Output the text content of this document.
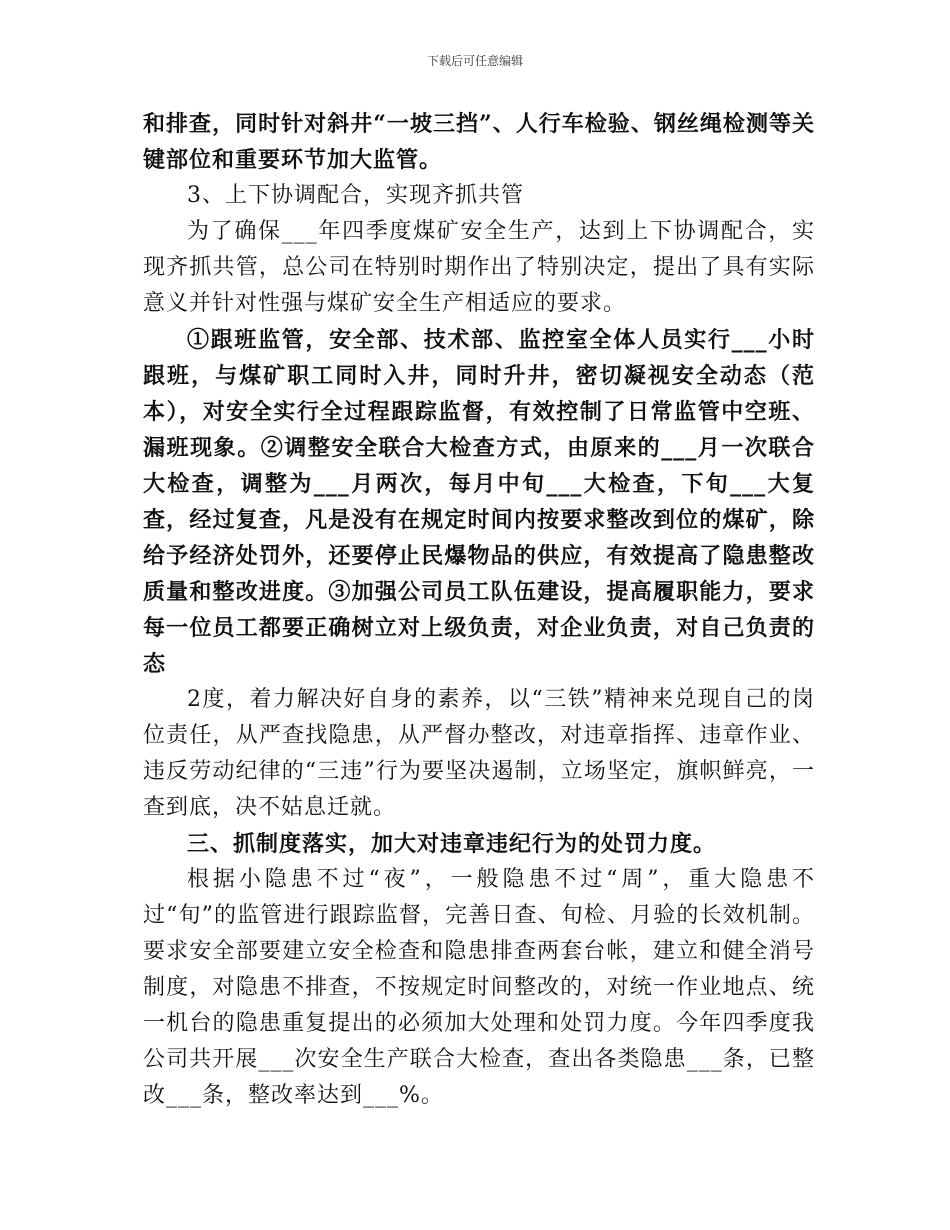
下载后可任意编辑

和排查，同时针对斜井“一坡三挡”、人行车检验、钢丝绳检测等关键部位和重要环节加大监管。

3、上下协调配合，实现齐抓共管

为了确保___年四季度煤矿安全生产，达到上下协调配合，实现齐抓共管，总公司在特别时期作出了特别决定，提出了具有实际意义并针对性强与煤矿安全生产相适应的要求。

①跟班监管，安全部、技术部、监控室全体人员实行___小时跟班，与煤矿职工同时入井，同时升井，密切凝视安全动态（范本），对安全实行全过程跟踪监督，有效控制了日常监管中空班、漏班现象。②调整安全联合大检查方式，由原来的___月一次联合大检查，调整为___月两次，每月中旬___大检查，下旬___大复查，经过复查，凡是没有在规定时间内按要求整改到位的煤矿，除给予经济处罚外，还要停止民爆物品的供应，有效提高了隐患整改质量和整改进度。③加强公司员工队伍建设，提高履职能力，要求每一位员工都要正确树立对上级负责，对企业负责，对自己负责的态

2度，着力解决好自身的素养，以“三铁”精神来兑现自己的岗位责任，从严查找隐患，从严督办整改，对违章指挥、违章作业、违反劳动纪律的“三违”行为要坚决遏制，立场坚定，旗帜鲜亮，一查到底，决不姑息迁就。

三、抓制度落实，加大对违章违纪行为的处罚力度。

根据小隐患不过“夜”，一般隐患不过“周”，重大隐患不过“旬”的监管进行跟踪监督，完善日查、旬检、月验的长效机制。要求安全部要建立安全检查和隐患排查两套台帐，建立和健全消号制度，对隐患不排查，不按规定时间整改的，对统一作业地点、统一机台的隐患重复提出的必须加大处理和处罚力度。今年四季度我公司共开展___次安全生产联合大检查，查出各类隐患___条，已整改___条，整改率达到___%。
